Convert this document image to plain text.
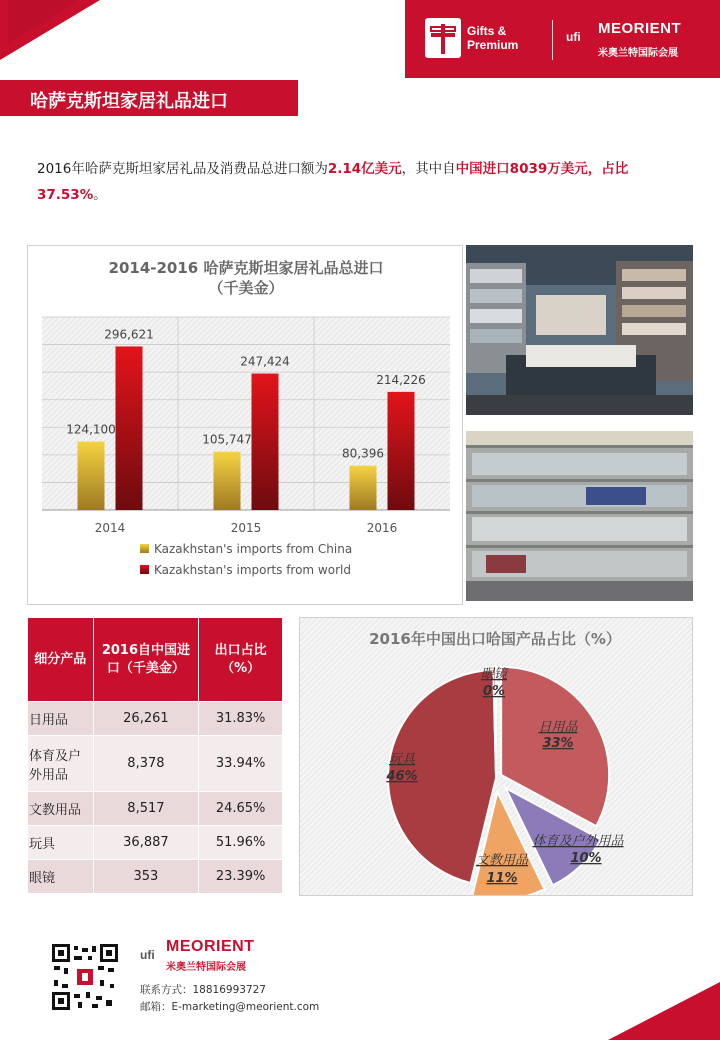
Gifts &
Premium
ufi MEORIENT
米奥兰特国际会展
哈萨克斯坦家居礼品进口
2016年哈萨克斯坦家居礼品及消费品总进口额为2.14亿美元，其中自中国进口8039万美元，占比37.53%。
2014-2016 哈萨克斯坦家居礼品总进口
（千美金）
124,100
296,621
2014
105,747
247,424
2015
80,396
214,226
2016
Kazakhstan's imports from China
Kazakhstan's imports from world
细分产品	2016自中国进口（千美金）	出口占比（%）
日用品	26,261	31.83%
体育及户外用品	8,378	33.94%
文教用品	8,517	24.65%
玩具	36,887	51.96%
眼镜	353	23.39%
2016年中国出口哈国产品占比（%）
日用品
33%
体育及户外用品
10%
文教用品
11%
玩具
46%
眼镜
0%
ufi MEORIENT
米奥兰特国际会展
联系方式：18816993727
邮箱：E-marketing@meorient.com
